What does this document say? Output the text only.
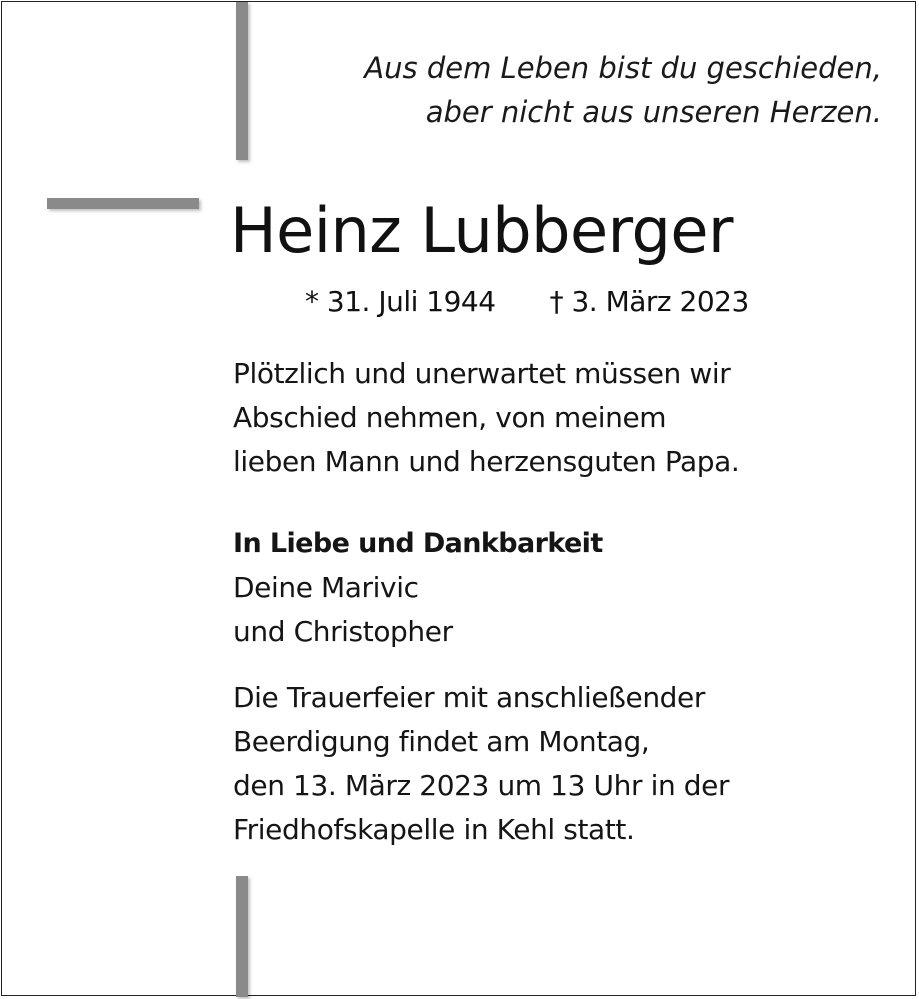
Aus dem Leben bist du geschieden,
aber nicht aus unseren Herzen.

Heinz Lubberger
* 31. Juli 1944 † 3. März 2023

Plötzlich und unerwartet müssen wir
Abschied nehmen, von meinem
lieben Mann und herzensguten Papa.

In Liebe und Dankbarkeit
Deine Marivic
und Christopher

Die Trauerfeier mit anschließender
Beerdigung findet am Montag,
den 13. März 2023 um 13 Uhr in der
Friedhofskapelle in Kehl statt.
